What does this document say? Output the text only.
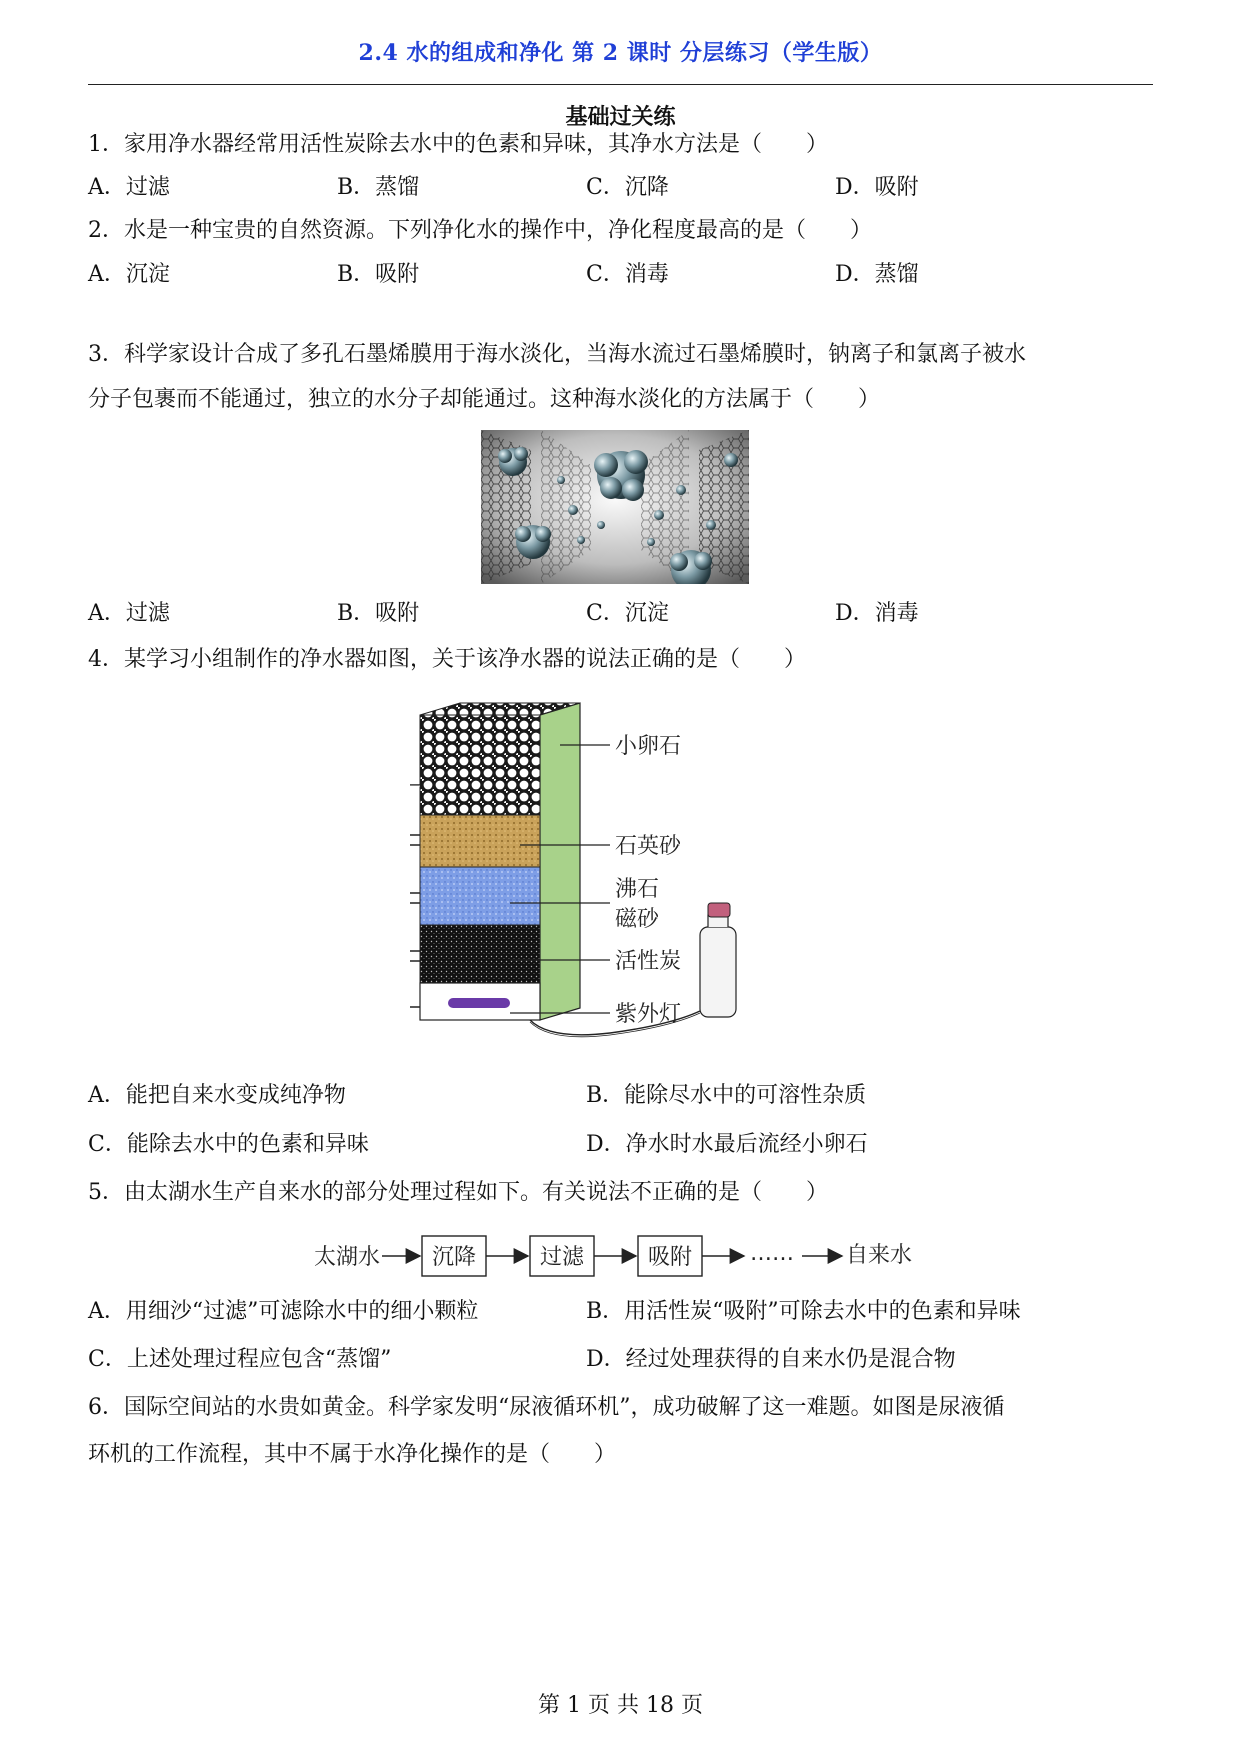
2.4 水的组成和净化 第 2 课时 分层练习（学生版）
基础过关练
1．家用净水器经常用活性炭除去水中的色素和异味，其净水方法是（　　）
A．过滤	B．蒸馏	C．沉降	D．吸附
2．水是一种宝贵的自然资源。下列净化水的操作中，净化程度最高的是（　　）
A．沉淀	B．吸附	C．消毒	D．蒸馏
3．科学家设计合成了多孔石墨烯膜用于海水淡化，当海水流过石墨烯膜时，钠离子和氯离子被水
分子包裹而不能通过，独立的水分子却能通过。这种海水淡化的方法属于（　　）
A．过滤	B．吸附	C．沉淀	D．消毒
4．某学习小组制作的净水器如图，关于该净水器的说法正确的是（　　）
小卵石
石英砂
沸石
磁砂
活性炭
紫外灯
A．能把自来水变成纯净物	B．能除尽水中的可溶性杂质
C．能除去水中的色素和异味	D．净水时水最后流经小卵石
5．由太湖水生产自来水的部分处理过程如下。有关说法不正确的是（　　）
太湖水 沉降	过滤	吸附	…… 自来水
A．用细沙“过滤”可滤除水中的细小颗粒	B．用活性炭“吸附”可除去水中的色素和异味
C．上述处理过程应包含“蒸馏”	D．经过处理获得的自来水仍是混合物
6．国际空间站的水贵如黄金。科学家发明“尿液循环机”，成功破解了这一难题。如图是尿液循
环机的工作流程，其中不属于水净化操作的是（　　）
第 1 页 共 18 页
